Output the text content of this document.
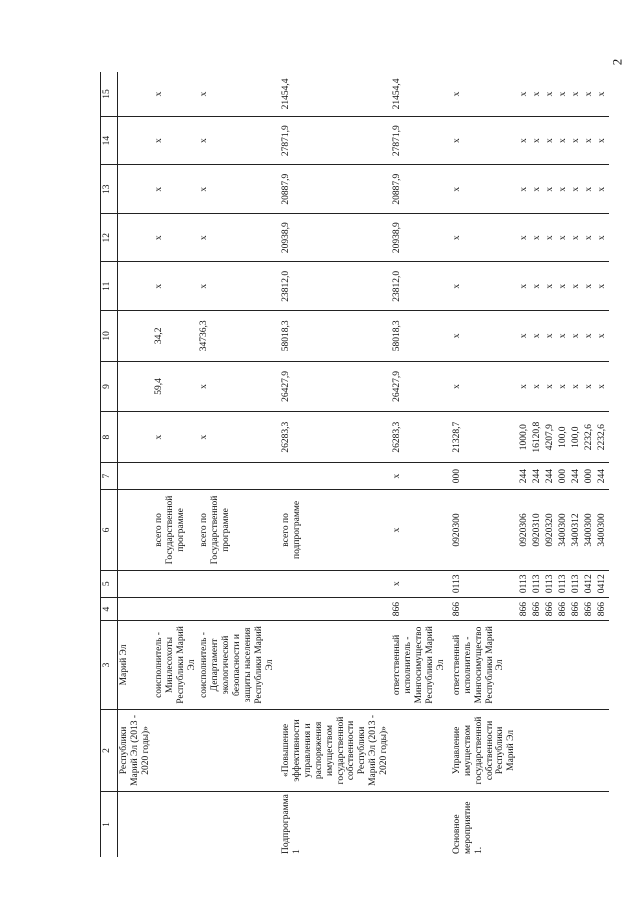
2
1	2	3	4	5	6	7	8	9	10	11	12	13	14	15
	Республики Марий Эл (2013 - 2020 годы)»	Марий Эл												
		соисполнитель - Минлесохоты Республики Марий Эл			всего по Государственной программе		x	59,4	34,2	x	x	x	x	x
		соисполнитель - Департамент экологической безопасности и защиты населения Республики Марий Эл			всего по Государственной программе		x	x	34736,3	x	x	x	x	x
Подпрограмма 1	«Повышение эффективности управления и распоряжения имуществом государственной собственности Республики Марий Эл (2013 - 2020 годы)»				всего по подпрограмме		26283,3	26427,9	58018,3	23812,0	20938,9	20887,9	27871,9	21454,4
		ответственный исполнитель - Мингосимущество Республики Марий Эл	866	x	x	x	26283,3	26427,9	58018,3	23812,0	20938,9	20887,9	27871,9	21454,4
Основное мероприятие 1.	Управление имуществом государственной собственности Республики Марий Эл	ответственный исполнитель - Мингосимущество Республики Марий Эл	866	0113	0920300	000	21328,7	x	x	x	x	x	x	x
			866	0113	0920306	244	1000,0	x	x	x	x	x	x	x
			866	0113	0920310	244	16120,8	x	x	x	x	x	x	x
			866	0113	0920320	244	4207,9	x	x	x	x	x	x	x
			866	0113	3400300	000	100,0	x	x	x	x	x	x	x
			866	0113	3400312	244	100,0	x	x	x	x	x	x	x
			866	0412	3400300	000	2232,6	x	x	x	x	x	x	x
			866	0412	3400300	244	2232,6	x	x	x	x	x	x	x
